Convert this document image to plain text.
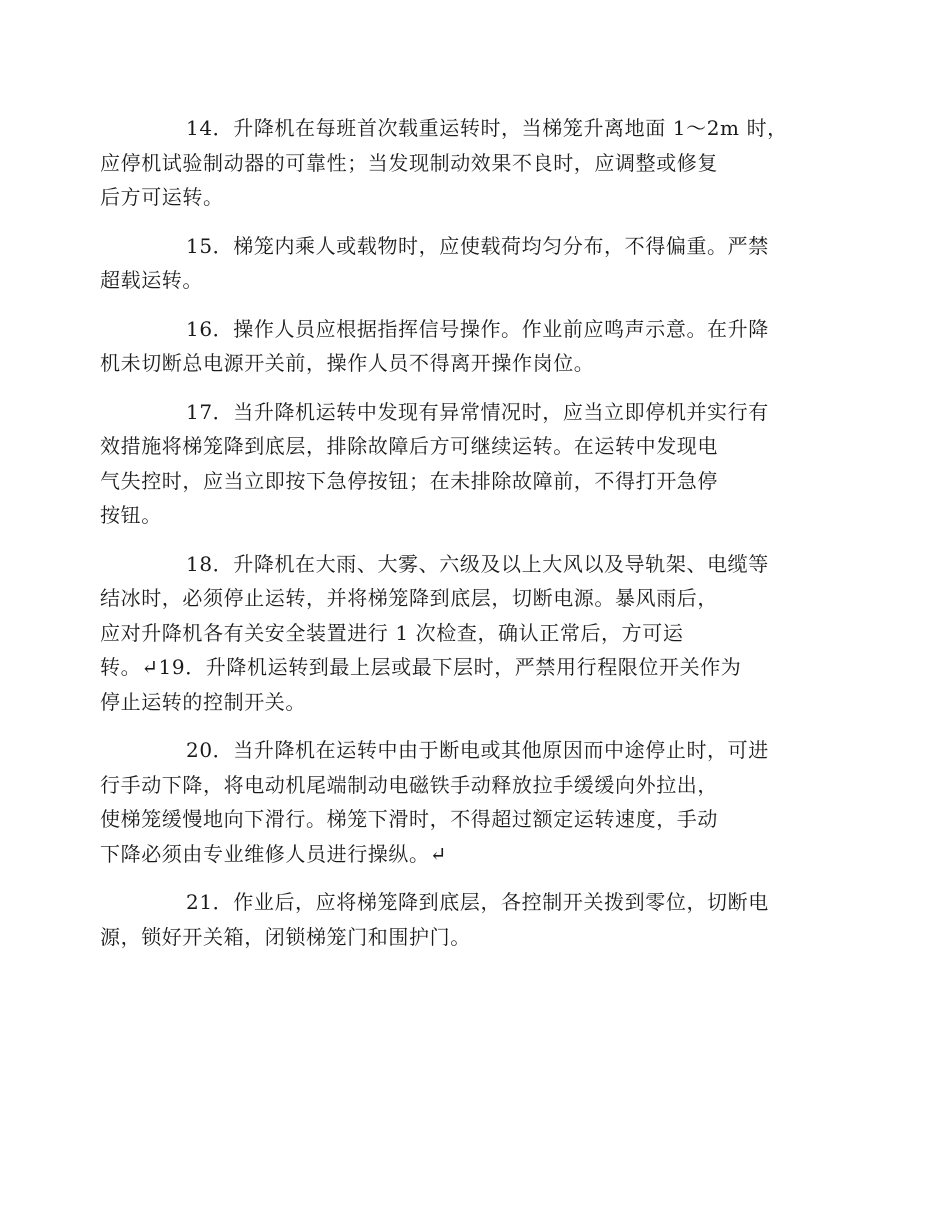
14．升降机在每班首次载重运转时，当梯笼升离地面 1～2m 时，
应停机试验制动器的可靠性；当发现制动效果不良时，应调整或修复
后方可运转。

15．梯笼内乘人或载物时，应使载荷均匀分布，不得偏重。严禁
超载运转。

16．操作人员应根据指挥信号操作。作业前应鸣声示意。在升降
机未切断总电源开关前，操作人员不得离开操作岗位。

17．当升降机运转中发现有异常情况时，应当立即停机并实行有
效措施将梯笼降到底层，排除故障后方可继续运转。在运转中发现电
气失控时，应当立即按下急停按钮；在未排除故障前，不得打开急停
按钮。

18．升降机在大雨、大雾、六级及以上大风以及导轨架、电缆等
结冰时，必须停止运转，并将梯笼降到底层，切断电源。暴风雨后，
应对升降机各有关安全装置进行 1 次检查，确认正常后，方可运
转。↵19．升降机运转到最上层或最下层时，严禁用行程限位开关作为
停止运转的控制开关。

20．当升降机在运转中由于断电或其他原因而中途停止时，可进
行手动下降，将电动机尾端制动电磁铁手动释放拉手缓缓向外拉出，
使梯笼缓慢地向下滑行。梯笼下滑时，不得超过额定运转速度，手动
下降必须由专业维修人员进行操纵。↵

21．作业后，应将梯笼降到底层，各控制开关拨到零位，切断电
源，锁好开关箱，闭锁梯笼门和围护门。
